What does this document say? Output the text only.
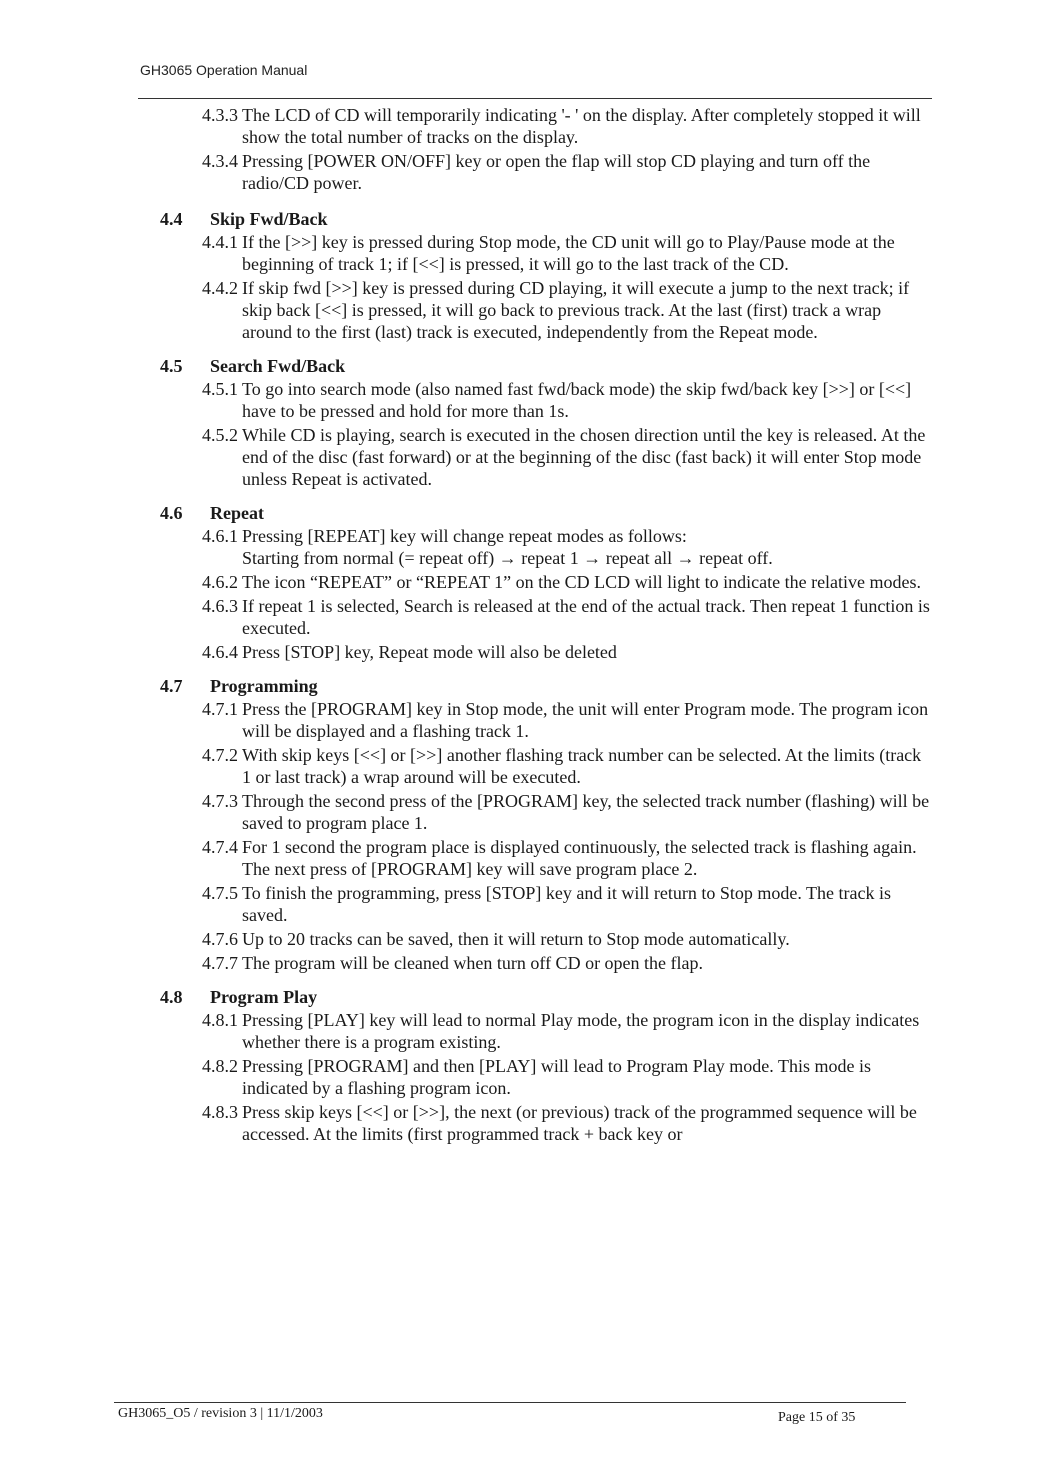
GH3065 Operation Manual
4.3.3 The LCD of CD will temporarily indicating '- ' on the display. After completely stopped it will show the total number of tracks on the display.
4.3.4 Pressing [POWER ON/OFF] key or open the flap will stop CD playing and turn off the radio/CD power.
4.4	Skip Fwd/Back
4.4.1 If the [>>] key is pressed during Stop mode, the CD unit will go to Play/Pause mode at the beginning of track 1; if [<<] is pressed, it will go to the last track of the CD.
4.4.2 If skip fwd [>>] key is pressed during CD playing, it will execute a jump to the next track; if skip back [<<] is pressed, it will go back to previous track. At the last (first) track a wrap around to the first (last) track is executed, independently from the Repeat mode.
4.5	Search Fwd/Back
4.5.1 To go into search mode (also named fast fwd/back mode) the skip fwd/back key [>>] or [<<] have to be pressed and hold for more than 1s.
4.5.2 While CD is playing, search is executed in the chosen direction until the key is released. At the end of the disc (fast forward) or at the beginning of the disc (fast back) it will enter Stop mode unless Repeat is activated.
4.6	Repeat
4.6.1 Pressing [REPEAT] key will change repeat modes as follows:
Starting from normal (= repeat off) → repeat 1 → repeat all → repeat off.
4.6.2 The icon “REPEAT” or “REPEAT 1” on the CD LCD will light to indicate the relative modes.
4.6.3 If repeat 1 is selected, Search is released at the end of the actual track. Then repeat 1 function is executed.
4.6.4 Press [STOP] key, Repeat mode will also be deleted
4.7	Programming
4.7.1 Press the [PROGRAM] key in Stop mode, the unit will enter Program mode. The program icon will be displayed and a flashing track 1.
4.7.2 With skip keys [<<] or [>>] another flashing track number can be selected. At the limits (track 1 or last track) a wrap around will be executed.
4.7.3 Through the second press of the [PROGRAM] key, the selected track number (flashing) will be saved to program place 1.
4.7.4 For 1 second the program place is displayed continuously, the selected track is flashing again. The next press of [PROGRAM] key will save program place 2.
4.7.5 To finish the programming, press [STOP] key and it will return to Stop mode. The track is saved.
4.7.6 Up to 20 tracks can be saved, then it will return to Stop mode automatically.
4.7.7 The program will be cleaned when turn off CD or open the flap.
4.8	Program Play
4.8.1 Pressing [PLAY] key will lead to normal Play mode, the program icon in the display indicates whether there is a program existing.
4.8.2 Pressing [PROGRAM] and then [PLAY] will lead to Program Play mode. This mode is indicated by a flashing program icon.
4.8.3 Press skip keys [<<] or [>>], the next (or previous) track of the programmed sequence will be accessed. At the limits (first programmed track + back key or
GH3065_O5 / revision 3 | 11/1/2003	Page 15 of 35
